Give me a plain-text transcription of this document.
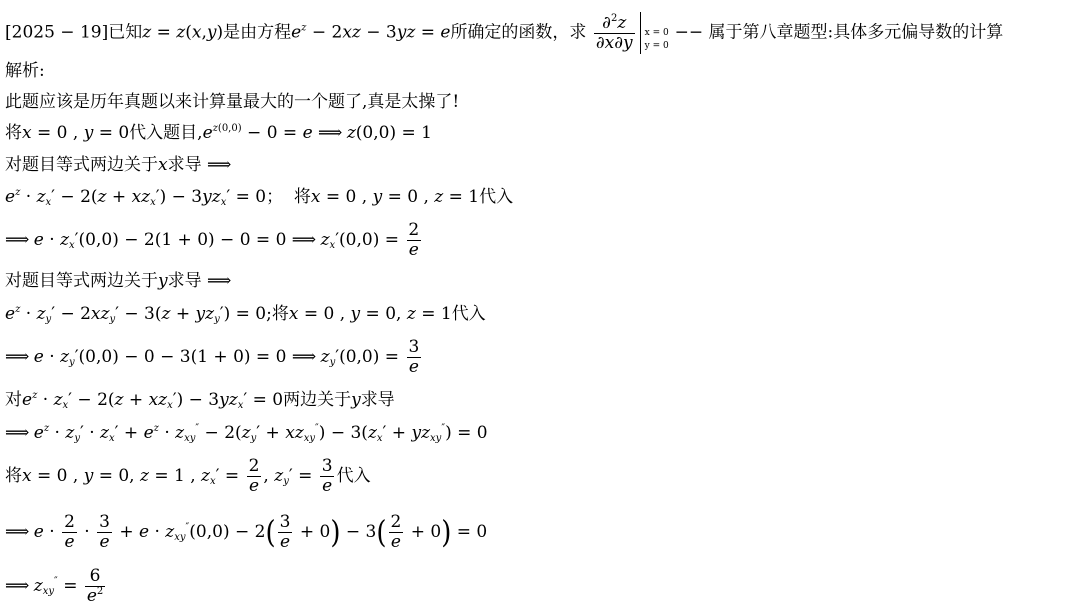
[2025 − 19]已知z = z(x,y)是由方程$e^z - 2xz - 3yz = e$所确定的函数，求 $\frac{\partial^2z}{\partial x\partial y}$ x = 0
y = 0
−− 属于第八章题型:具体多元偏导数的计算
解析:
此题应该是历年真题以来计算量最大的一个题了,真是太操了!
将x = 0 , y = 0代入题目$,e^{z(0,0)} - 0 = e$ ⟹ z(0,0) = 1
对题目等式两边关于x求导 ⟹
$e^z \cdot z_x' - 2(z + xz_x') - 3yz_x' = 0$；  将x = 0 , y = 0 , z = 1代入
⟹ $e \cdot z_x'(0,0) - 2(1 + 0) - 0 = 0$ ⟹ $z_x'(0,0) = \frac{2}{e}$
对题目等式两边关于y求导 ⟹
$e^z \cdot z_y' - 2xz_y' - 3(z + yz_y') = 0$;将x = 0 , y = 0, z = 1代入
⟹ $e \cdot z_y'(0,0) - 0 - 3(1 + 0) = 0$ ⟹ $z_y'(0,0) = \frac{3}{e}$
对$e^z \cdot z_x' - 2(z + xz_x') - 3yz_x' = 0$两边关于y求导
⟹ $e^z \cdot z_y' \cdot z_x' + e^z \cdot z_{xy}'' - 2(z_y' + xz_{xy}'') - 3(z_x' + yz_{xy}'') = 0$
将x = 0 , y = 0, z = 1 , $z_x' = \frac{2}{e}$ , $z_y' = \frac{3}{e}$ 代入
⟹ $e \cdot \frac{2}{e} \cdot \frac{3}{e} + e \cdot z_{xy}''(0,0) - 2( \frac{3}{e} + 0) - 3( \frac{2}{e} + 0) = 0$
⟹ $z_{xy}'' = \frac{6}{e^2}$
